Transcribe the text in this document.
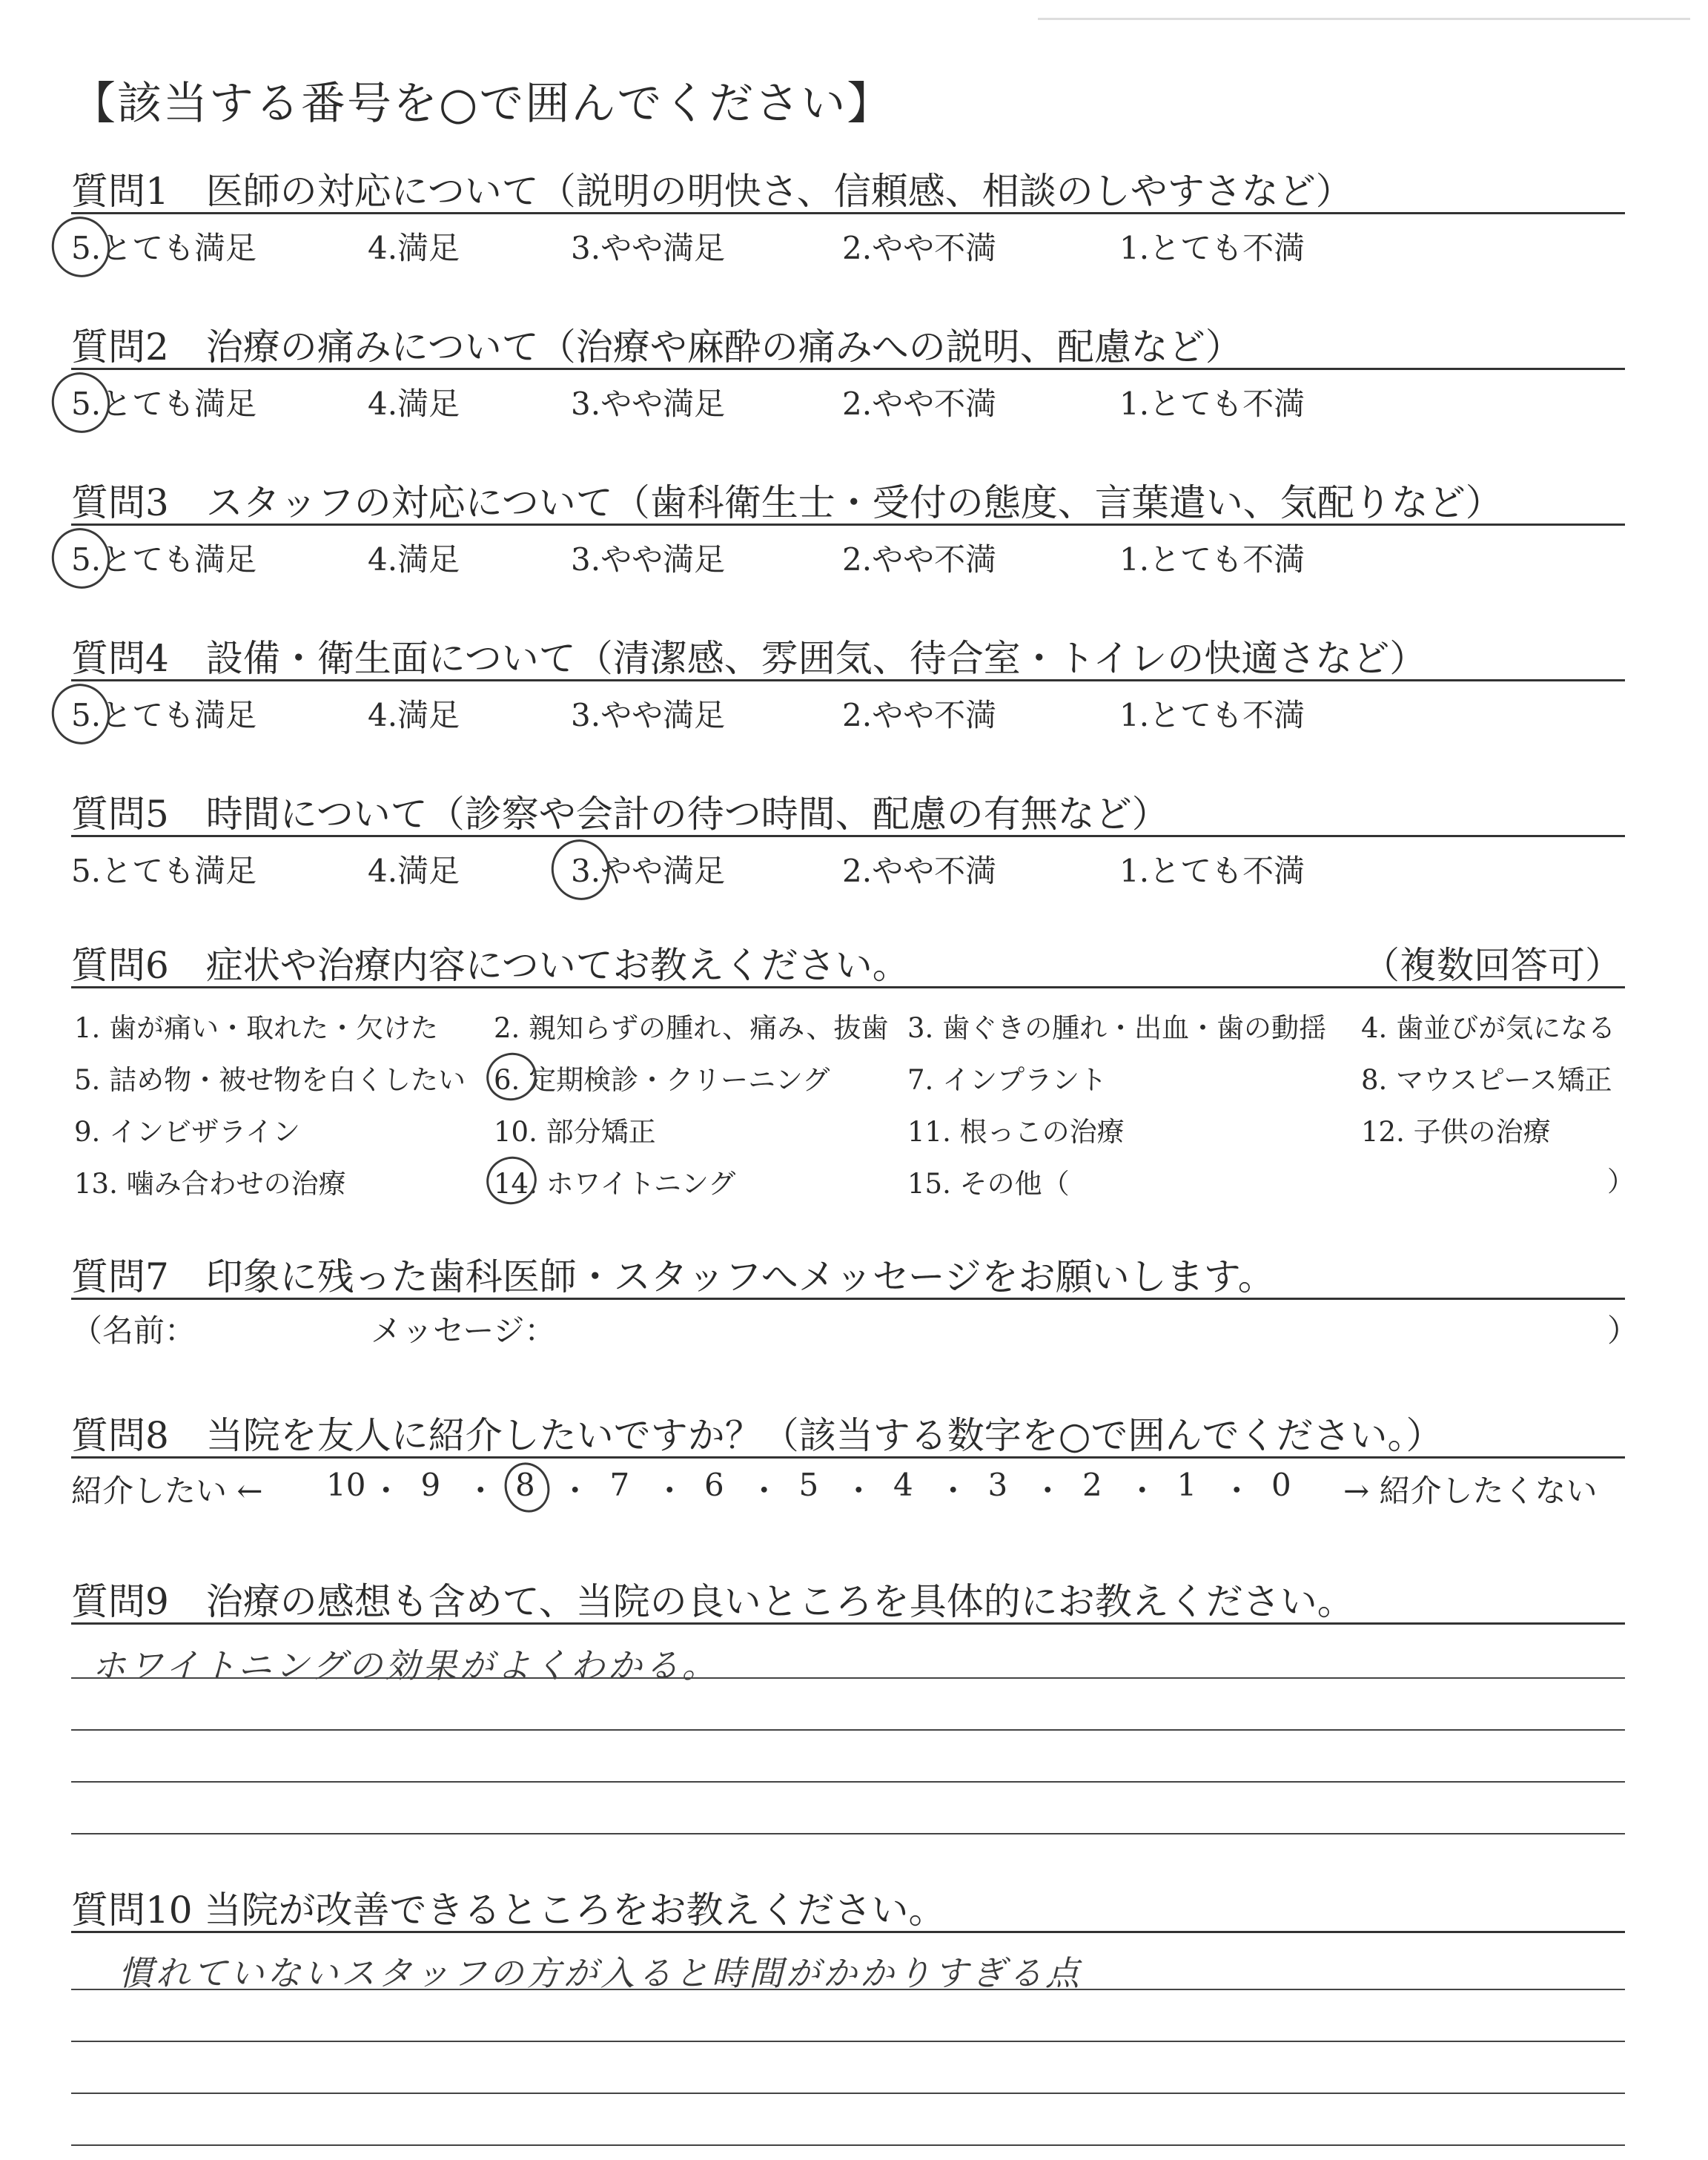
【該当する番号を○で囲んでください】
質問1　医師の対応について（説明の明快さ、信頼感、相談のしやすさなど）
5.とても満足	4.満足	3.やや満足	2.やや不満	1.とても不満
質問2　治療の痛みについて（治療や麻酔の痛みへの説明、配慮など）
5.とても満足	4.満足	3.やや満足	2.やや不満	1.とても不満
質問3　スタッフの対応について（歯科衛生士・受付の態度、言葉遣い、気配りなど）
5.とても満足	4.満足	3.やや満足	2.やや不満	1.とても不満
質問4　設備・衛生面について（清潔感、雰囲気、待合室・トイレの快適さなど）
5.とても満足	4.満足	3.やや満足	2.やや不満	1.とても不満
質問5　時間について（診察や会計の待つ時間、配慮の有無など）
5.とても満足	4.満足	3.やや満足	2.やや不満	1.とても不満
質問6　症状や治療内容についてお教えください。	（複数回答可）
1. 歯が痛い・取れた・欠けた 2. 親知らずの腫れ、痛み、抜歯 3. 歯ぐきの腫れ・出血・歯の動揺 4. 歯並びが気になる
5. 詰め物・被せ物を白くしたい 6. 定期検診・クリーニング	7. インプラント	8. マウスピース矯正
9. インビザライン	10. 部分矯正	11. 根っこの治療	12. 子供の治療
13. 噛み合わせの治療	14. ホワイトニング	15. その他（	）
質問7　印象に残った歯科医師・スタッフへメッセージをお願いします。
（名前：	メッセージ：	）
質問8　当院を友人に紹介したいですか？（該当する数字を○で囲んでください。）
紹介したい ← 10 ・ 9 ・ 8 ・ 7 ・ 6 ・ 5 ・ 4 ・ 3 ・ 2 ・ 1 ・ 0 → 紹介したくない
質問9　治療の感想も含めて、当院の良いところを具体的にお教えください。
ホワイトニングの効果がよくわかる。
質問10 当院が改善できるところをお教えください。
慣れていないスタッフの方が入ると時間がかかりすぎる点
